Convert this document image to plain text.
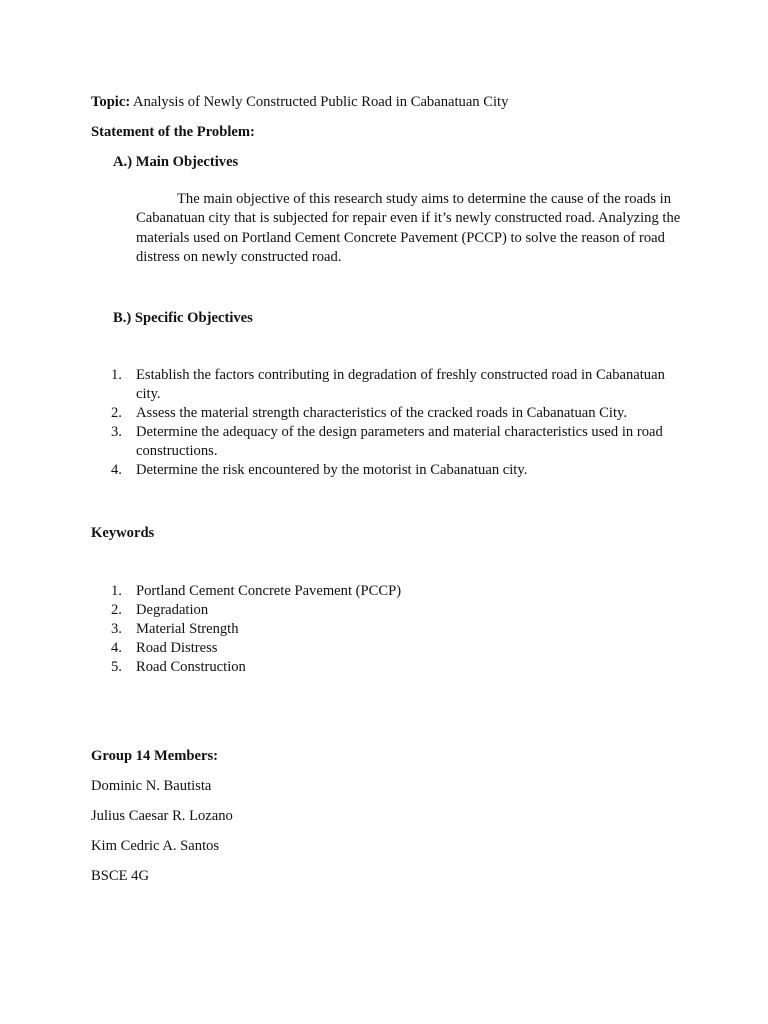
Topic: Analysis of Newly Constructed Public Road in Cabanatuan City
Statement of the Problem:
A.) Main Objectives
The main objective of this research study aims to determine the cause of the roads in Cabanatuan city that is subjected for repair even if it’s newly constructed road. Analyzing the materials used on Portland Cement Concrete Pavement (PCCP) to solve the reason of road distress on newly constructed road.
B.) Specific Objectives
1. Establish the factors contributing in degradation of freshly constructed road in Cabanatuan city.
2. Assess the material strength characteristics of the cracked roads in Cabanatuan City.
3. Determine the adequacy of the design parameters and material characteristics used in road constructions.
4. Determine the risk encountered by the motorist in Cabanatuan city.
Keywords
1. Portland Cement Concrete Pavement (PCCP)
2. Degradation
3. Material Strength
4. Road Distress
5. Road Construction
Group 14 Members:
Dominic N. Bautista
Julius Caesar R. Lozano
Kim Cedric A. Santos
BSCE 4G
